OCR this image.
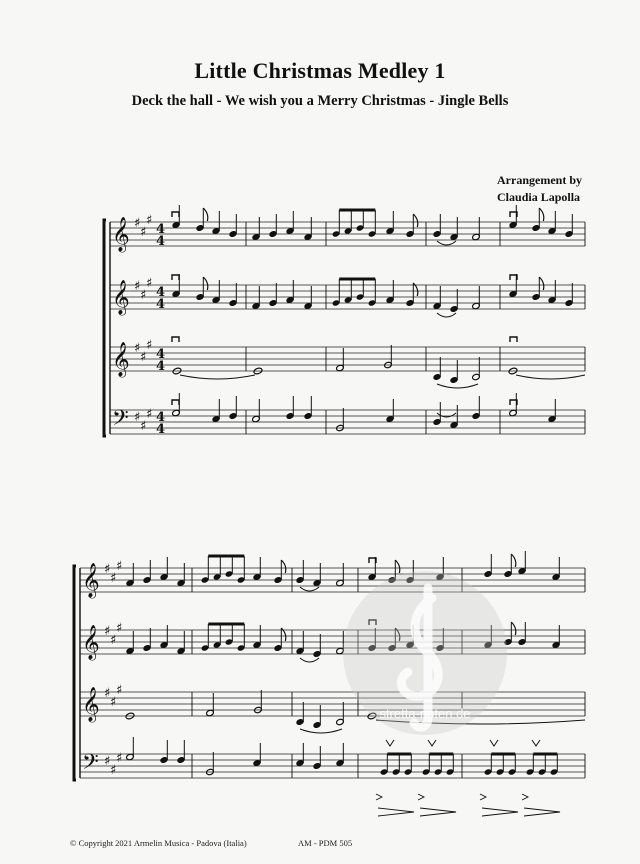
Little Christmas Medley 1
Deck the hall - We wish you a Merry Christmas - Jingle Bells
Arrangement by
Claudia Lapolla
𝄞 ♯
♯
♯
4
4
𝄞 ♯
♯
♯
4
4
𝄞 ♯
♯
♯
4
4
𝄢 ♯
♯
♯ 4
4
𝄞 ♯
♯
♯
𝄞 ♯
♯
♯
𝄞 ♯
♯
♯
𝄢 ♯
♯
♯
stretta-noten.de
© Copyright 2021 Armelin Musica - Padova (Italia)	AM - PDM 505
